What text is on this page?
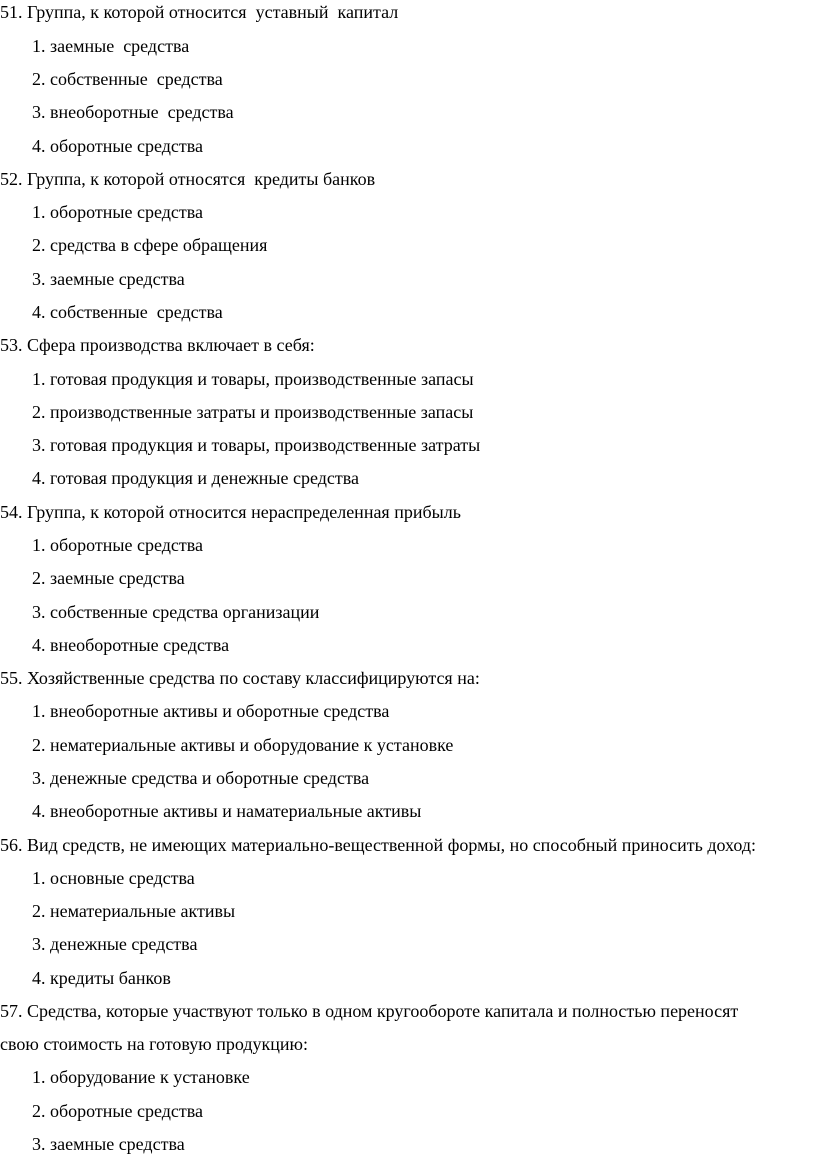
51. Группа, к которой относится  уставный  капитал
1. заемные  средства
2. собственные  средства
3. внеоборотные  средства
4. оборотные средства
52. Группа, к которой относятся  кредиты банков
1. оборотные средства
2. средства в сфере обращения
3. заемные средства
4. собственные  средства
53. Сфера производства включает в себя:
1. готовая продукция и товары, производственные запасы
2. производственные затраты и производственные запасы
3. готовая продукция и товары, производственные затраты
4. готовая продукция и денежные средства
54. Группа, к которой относится нераспределенная прибыль
1. оборотные средства
2. заемные средства
3. собственные средства организации
4. внеоборотные средства
55. Хозяйственные средства по составу классифицируются на:
1. внеоборотные активы и оборотные средства
2. нематериальные активы и оборудование к установке
3. денежные средства и оборотные средства
4. внеоборотные активы и наматериальные активы
56. Вид средств, не имеющих материально-вещественной формы, но способный приносить доход:
1. основные средства
2. нематериальные активы
3. денежные средства
4. кредиты банков
57. Средства, которые участвуют только в одном кругообороте капитала и полностью переносят
свою стоимость на готовую продукцию:
1. оборудование к установке
2. оборотные средства
3. заемные средства
